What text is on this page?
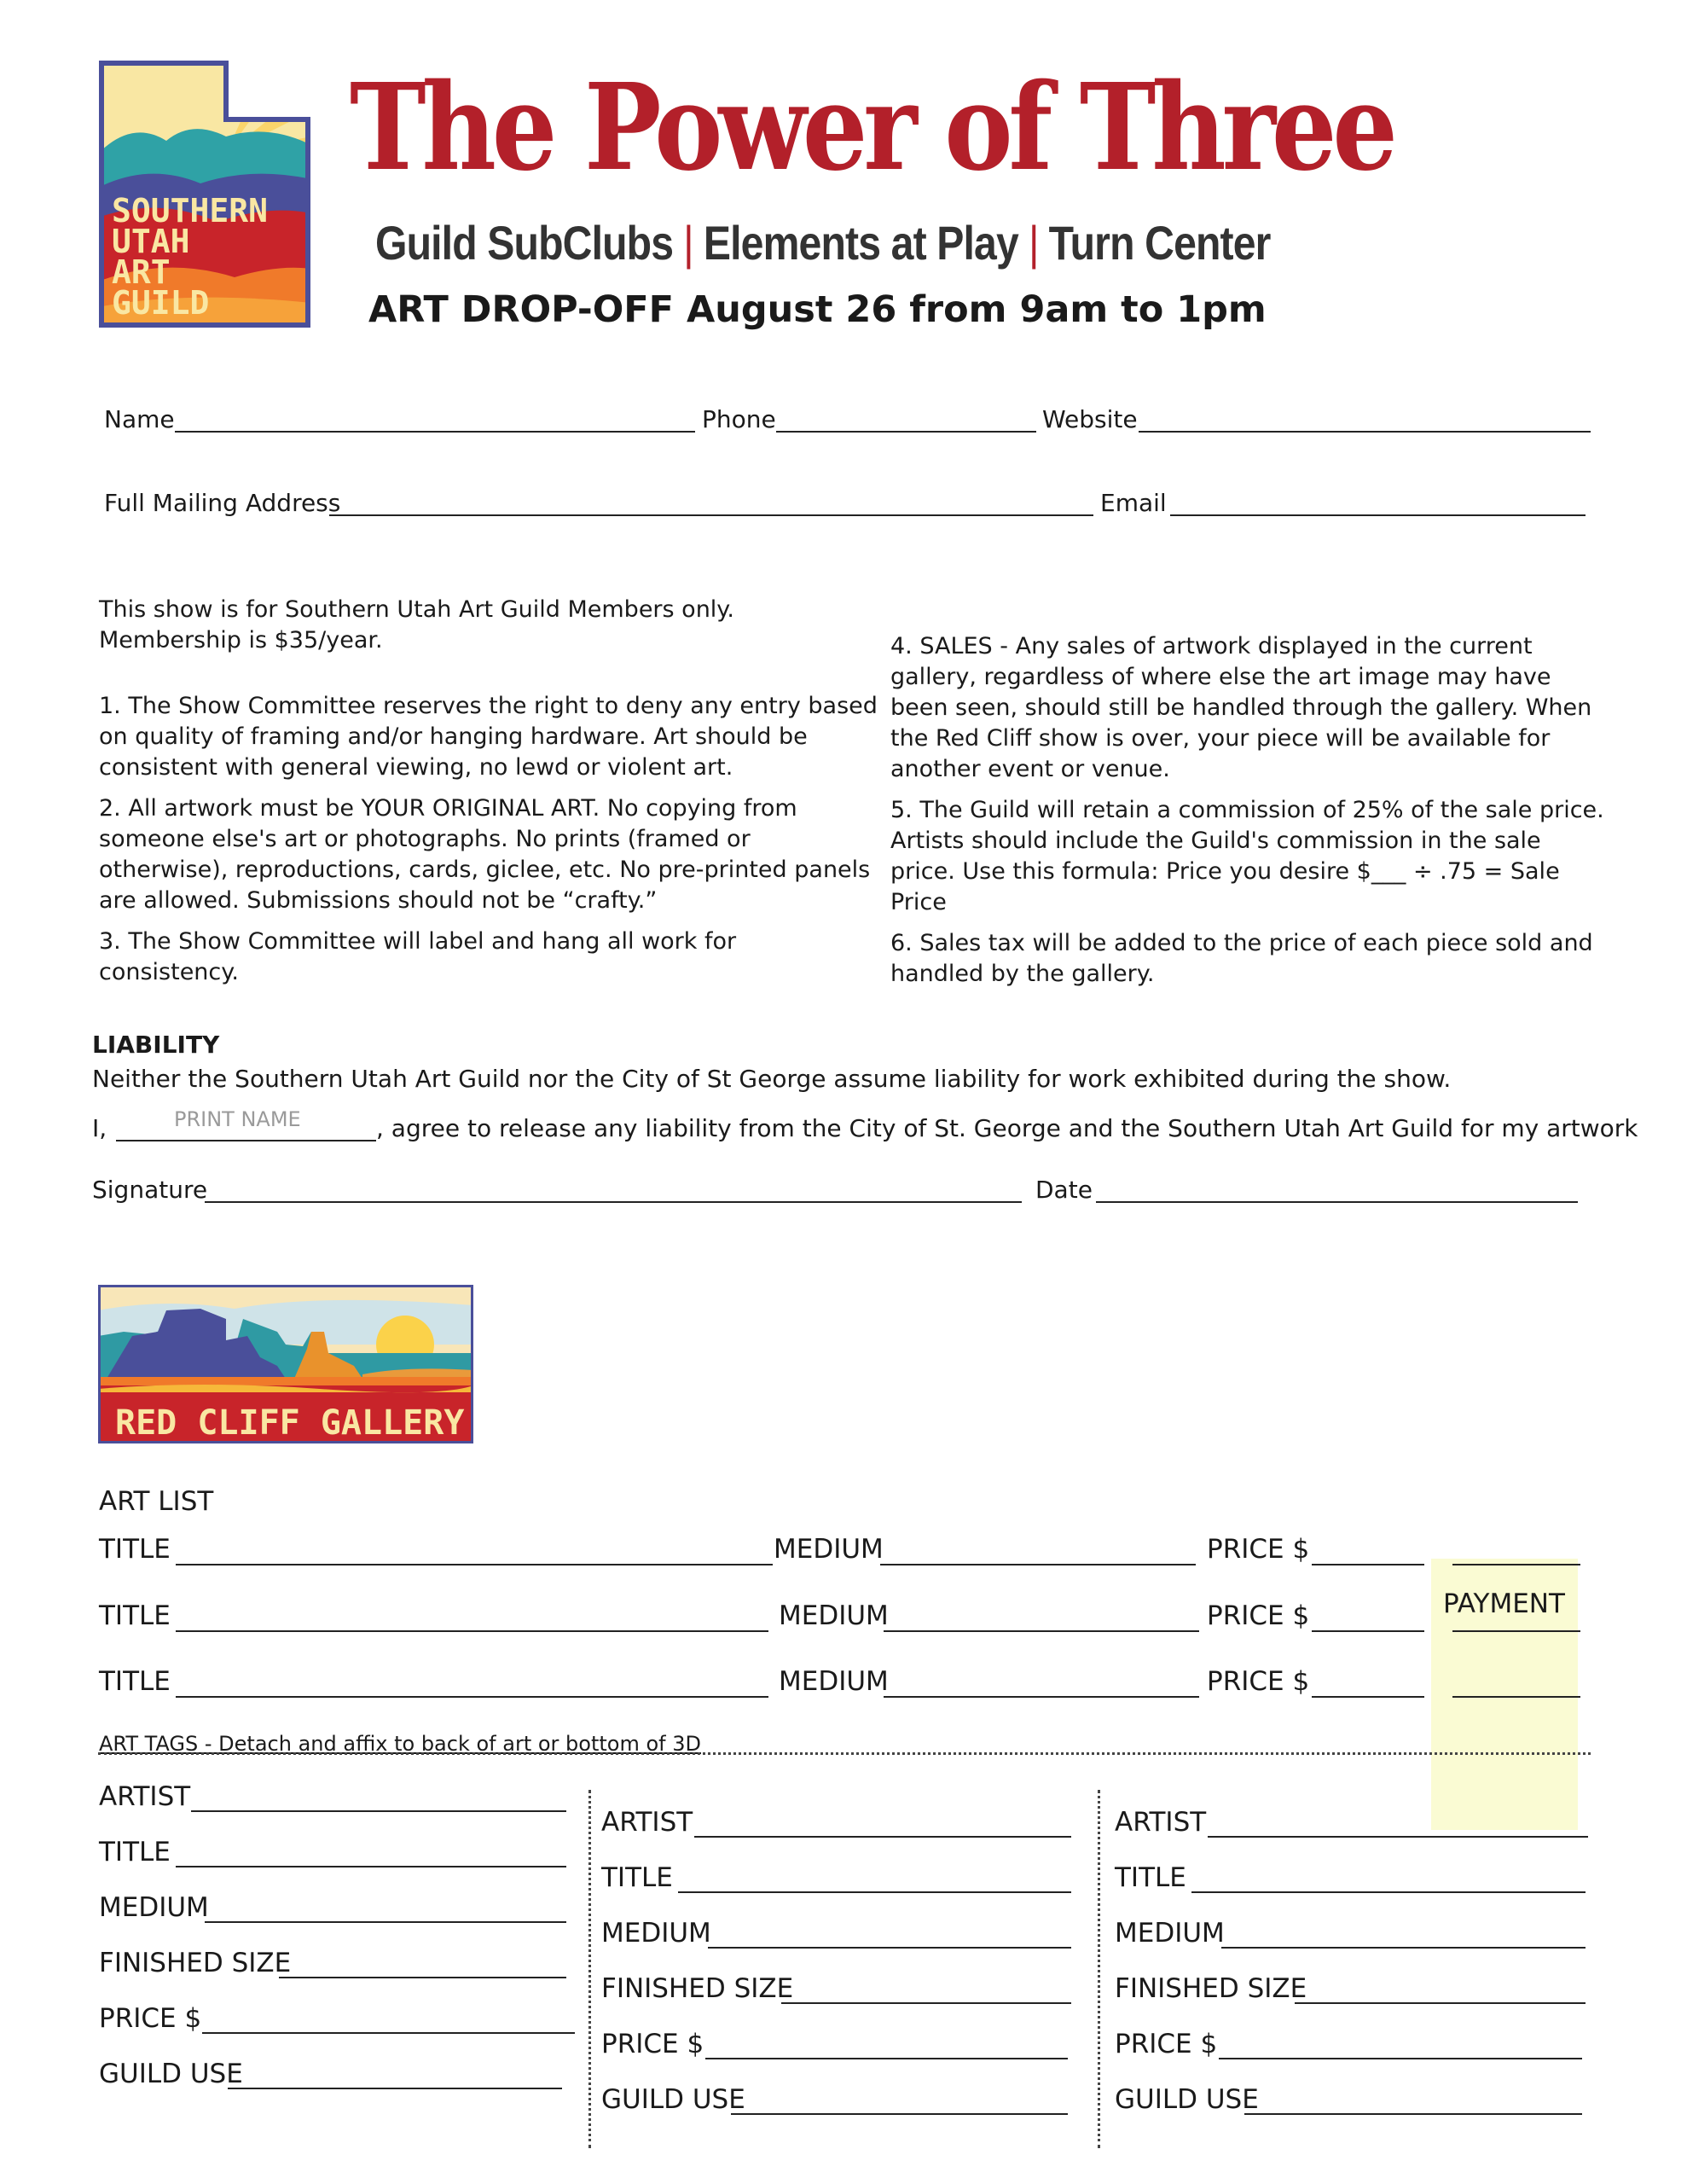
SOUTHERN
UTAH
ART
GUILD
The Power of Three
Guild SubClubs | Elements at Play | Turn Center
ART DROP-OFF August 26 from 9am to 1pm
Name	Phone	Website
Full Mailing Address	Email
This show is for Southern Utah Art Guild Members only.
Membership is $35/year.

1. The Show Committee reserves the right to deny any entry based on quality of framing and/or hanging hardware. Art should be consistent with general viewing, no lewd or violent art.

2. All artwork must be YOUR ORIGINAL ART. No copying from someone else's art or photographs. No prints (framed or otherwise), reproductions, cards, giclee, etc. No pre-printed panels are allowed. Submissions should not be “crafty.”

3. The Show Committee will label and hang all work for consistency.

4. SALES - Any sales of artwork displayed in the current gallery, regardless of where else the art image may have been seen, should still be handled through the gallery. When the Red Cliff show is over, your piece will be available for another event or venue.

5. The Guild will retain a commission of 25% of the sale price. Artists should include the Guild's commission in the sale price. Use this formula: Price you desire $___ ÷ .75 = Sale Price

6. Sales tax will be added to the price of each piece sold and handled by the gallery.

LIABILITY
Neither the Southern Utah Art Guild nor the City of St George assume liability for work exhibited during the show.
I,	PRINT NAME	, agree to release any liability from the City of St. George and the Southern Utah Art Guild for my artwork
Signature	Date
RED CLIFF GALLERY
ART LIST
TITLE	MEDIUM	PRICE $
TITLE	MEDIUM	PRICE $	PAYMENT
TITLE	MEDIUM	PRICE $
ART TAGS - Detach and affix to back of art or bottom of 3D
ARTIST
TITLE
MEDIUM
FINISHED SIZE
PRICE $
GUILD USE
ARTIST
TITLE
MEDIUM
FINISHED SIZE
PRICE $
GUILD USE
ARTIST
TITLE
MEDIUM
FINISHED SIZE
PRICE $
GUILD USE
